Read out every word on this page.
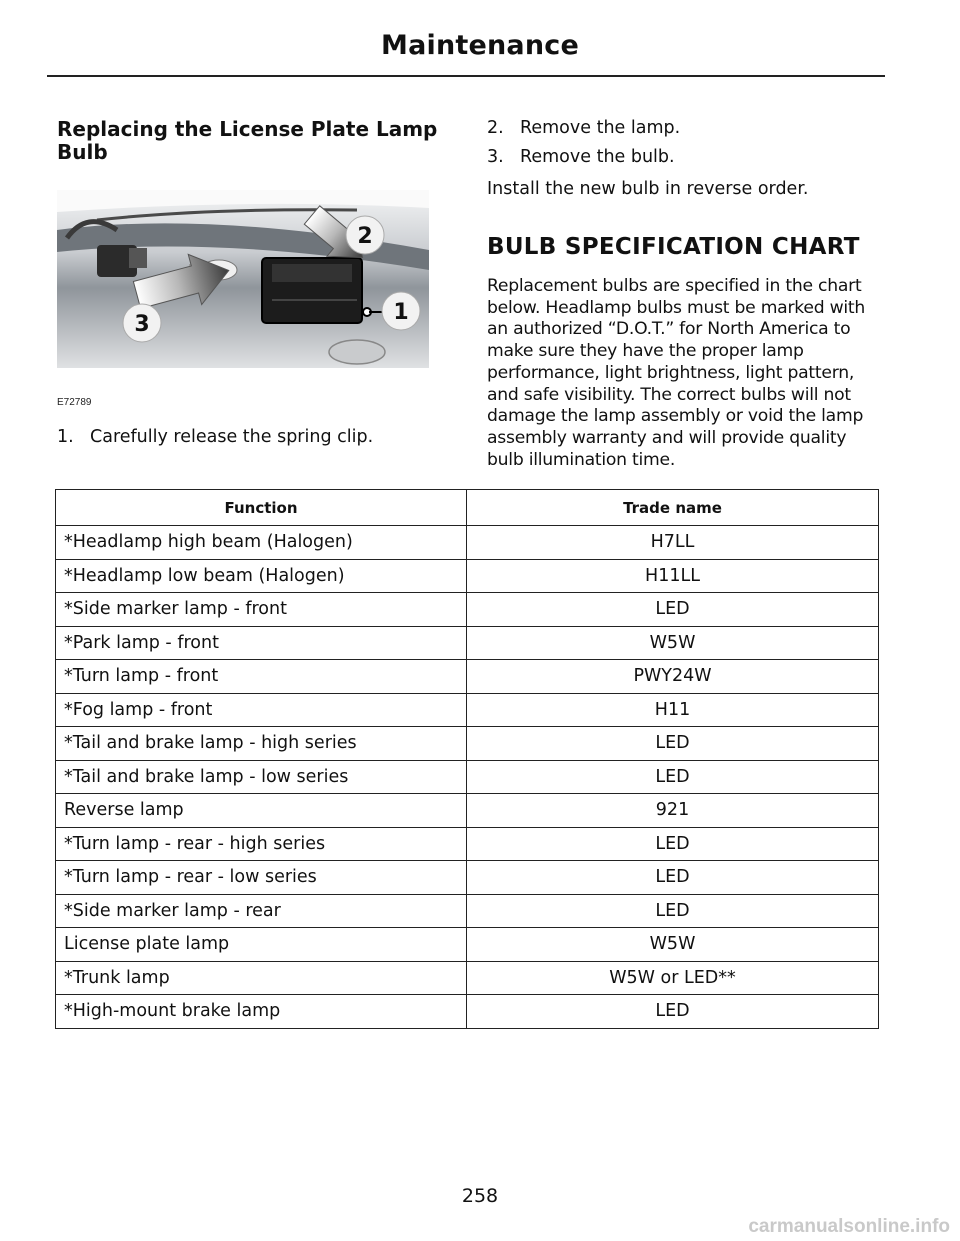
Maintenance
Replacing the License Plate Lamp Bulb
2
1
3
E72789
1. Carefully release the spring clip.
2. Remove the lamp.
3. Remove the bulb.
Install the new bulb in reverse order.
BULB SPECIFICATION CHART
Replacement bulbs are specified in the chart below. Headlamp bulbs must be marked with an authorized “D.O.T.” for North America to make sure they have the proper lamp performance, light brightness, light pattern, and safe visibility. The correct bulbs will not damage the lamp assembly or void the lamp assembly warranty and will provide quality bulb illumination time.
Function	Trade name
*Headlamp high beam (Halogen)	H7LL
*Headlamp low beam (Halogen)	H11LL
*Side marker lamp - front	LED
*Park lamp - front	W5W
*Turn lamp - front	PWY24W
*Fog lamp - front	H11
*Tail and brake lamp - high series	LED
*Tail and brake lamp - low series	LED
Reverse lamp	921
*Turn lamp - rear - high series	LED
*Turn lamp - rear - low series	LED
*Side marker lamp - rear	LED
License plate lamp	W5W
*Trunk lamp	W5W or LED**
*High-mount brake lamp	LED
258
carmanualsonline.info
